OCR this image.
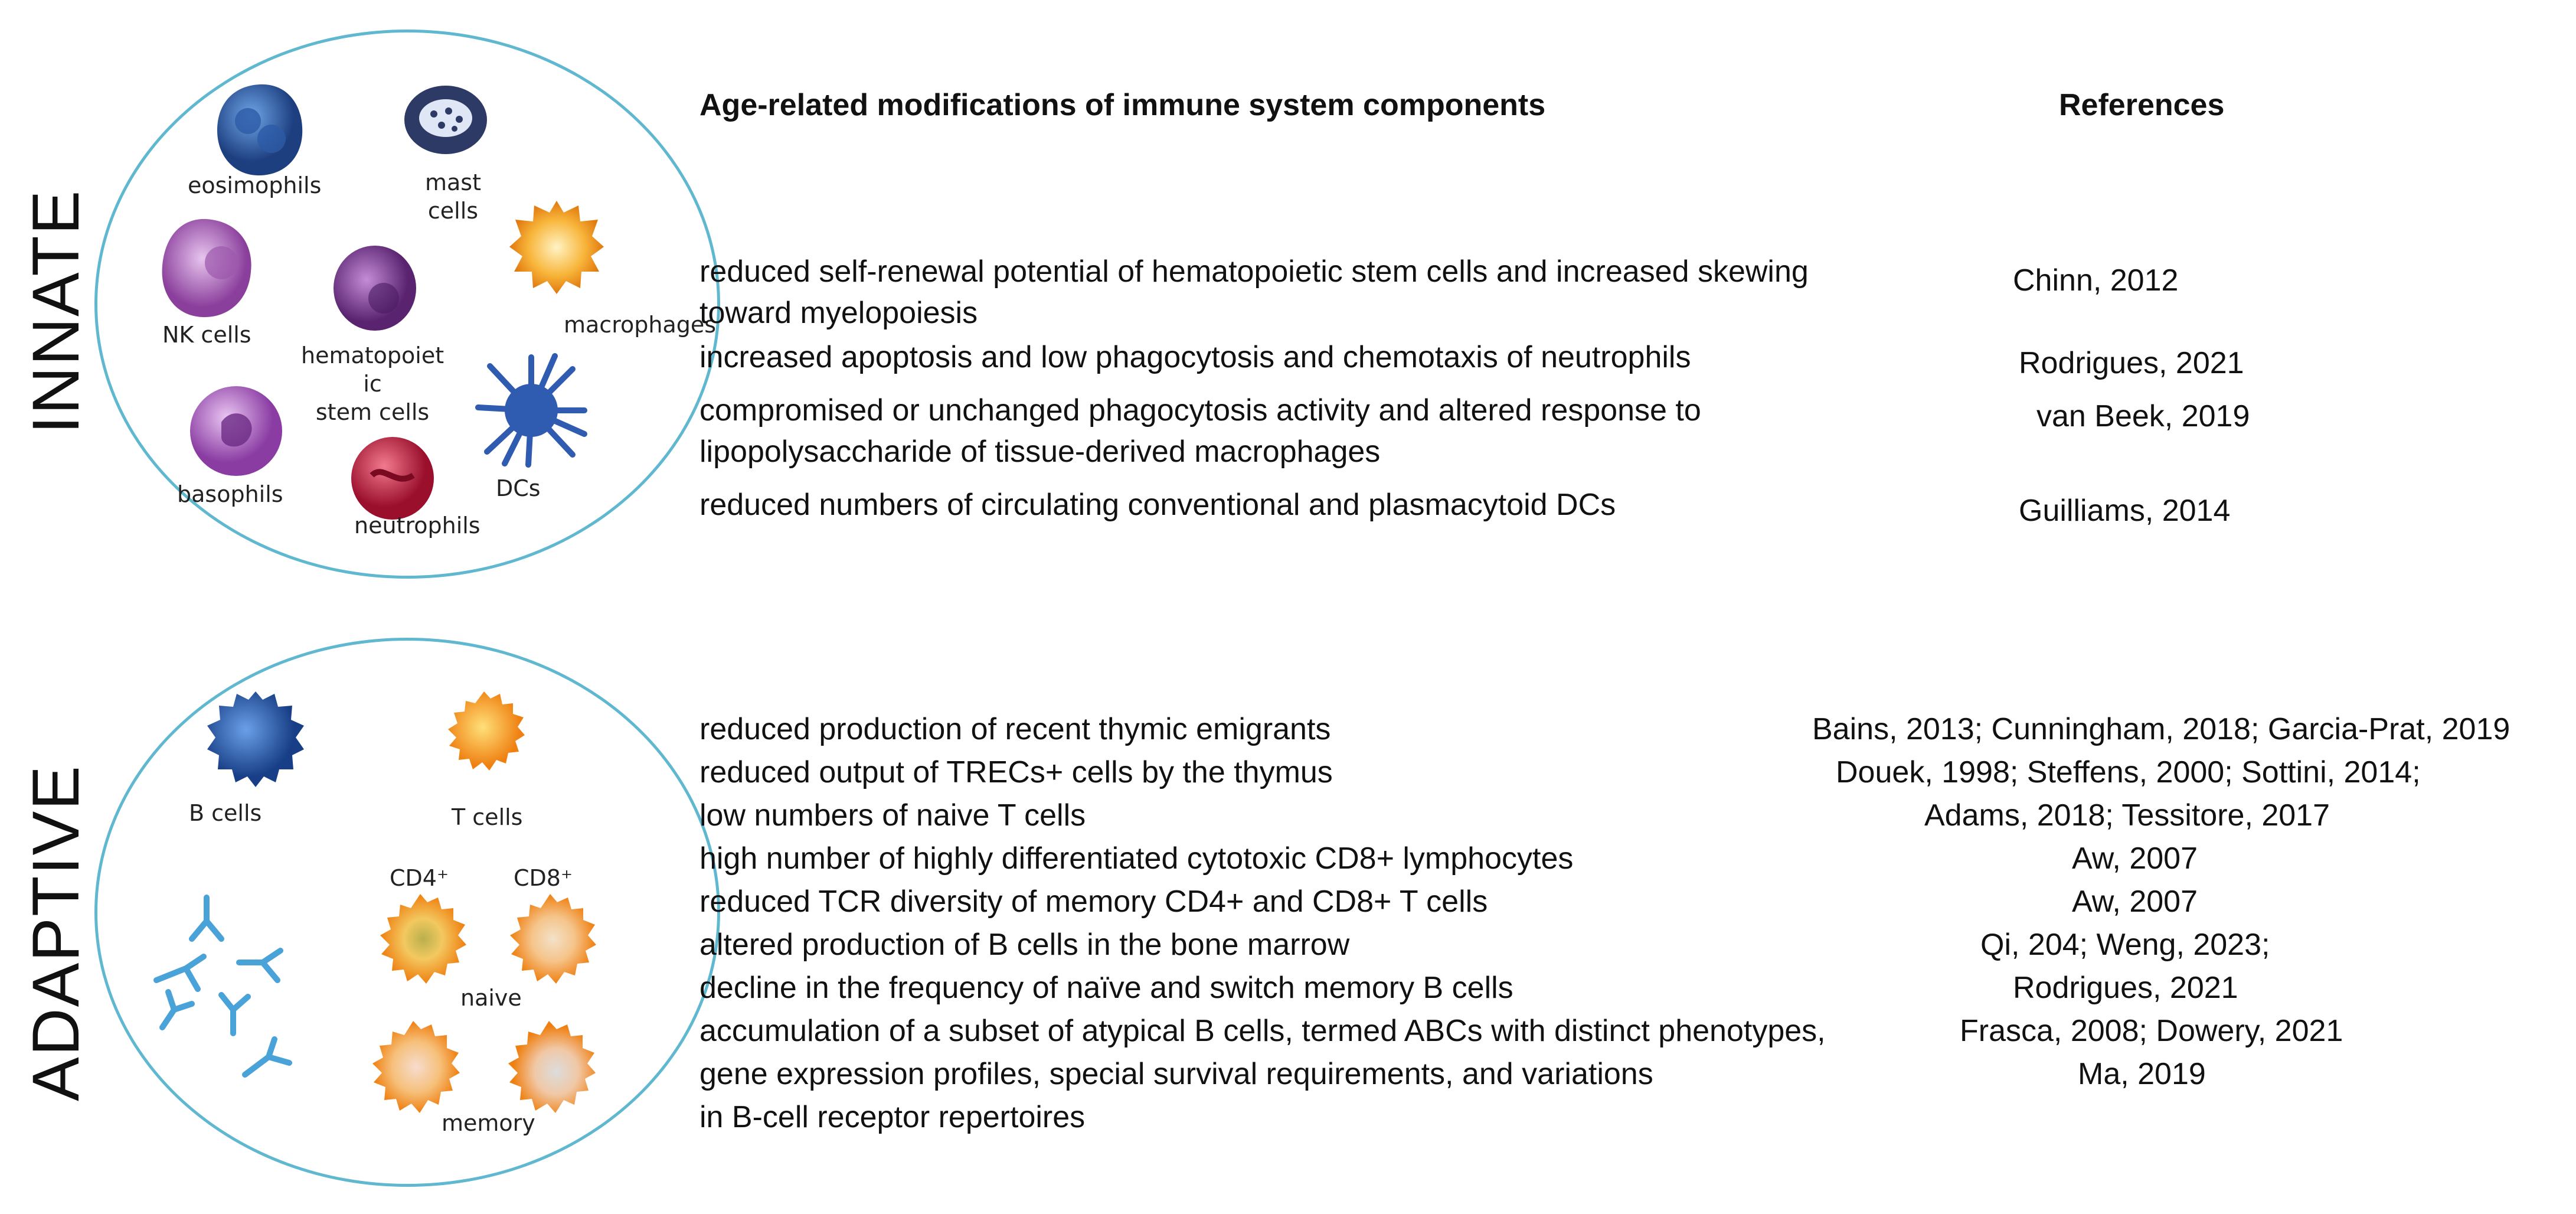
INNATE
eosimophils	mast
cells
NK cells
hematopoiet
ic
stem cells
macrophages
basophils
neutrophils
DCs
ADAPTIVE	B cells	T cells
CD4⁺	CD8⁺
naive
memory
Age-related modifications of immune system components	References
reduced self-renewal potential of hematopoietic stem cells and increased skewing
toward myelopoiesis
Chinn, 2012
increased apoptosis and low phagocytosis and chemotaxis of neutrophils	Rodrigues, 2021
compromised or unchanged phagocytosis activity and altered response to
lipopolysaccharide of tissue-derived macrophages
van Beek, 2019
reduced numbers of circulating conventional and plasmacytoid DCs	Guilliams, 2014
reduced production of recent thymic emigrants	Bains, 2013; Cunningham, 2018; Garcia-Prat, 2019
reduced output of TRECs+ cells by the thymus	Douek, 1998; Steffens, 2000; Sottini, 2014;
low numbers of naive T cells	Adams, 2018; Tessitore, 2017
high number of highly differentiated cytotoxic CD8+ lymphocytes	Aw, 2007
reduced TCR diversity of memory CD4+ and CD8+ T cells	Aw, 2007
altered production of B cells in the bone marrow	Qi, 204; Weng, 2023;
decline in the frequency of naïve and switch memory B cells	Rodrigues, 2021
accumulation of a subset of atypical B cells, termed ABCs with distinct phenotypes,	Frasca, 2008; Dowery, 2021
gene expression profiles, special survival requirements, and variations	Ma, 2019
in B-cell receptor repertoires
